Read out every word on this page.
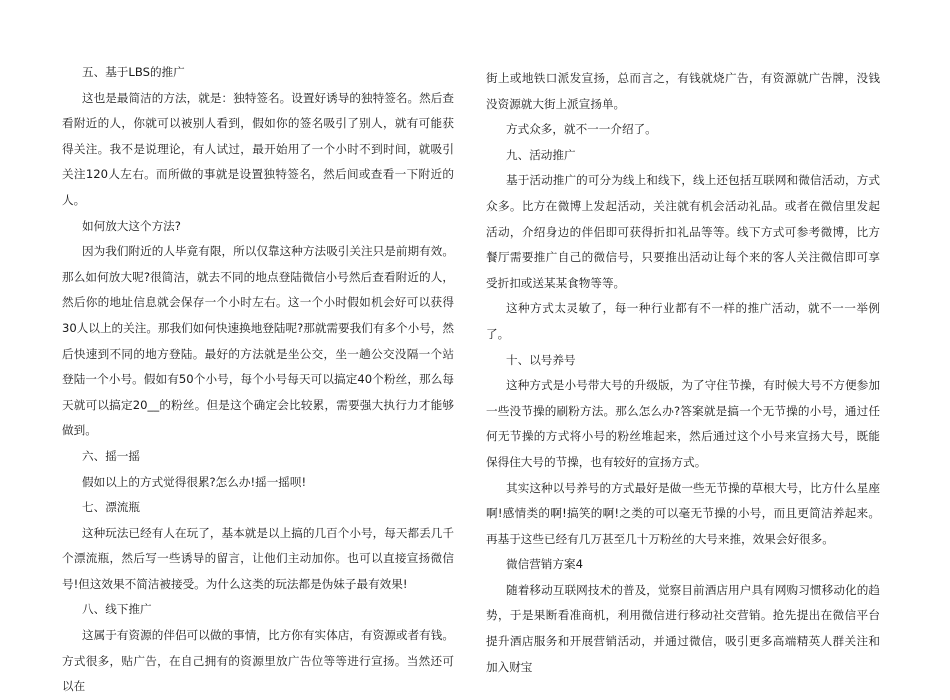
五、基于LBS的推广

这也是最简洁的方法，就是：独特签名。设置好诱导的独特签名。然后查看附近的人，你就可以被别人看到，假如你的签名吸引了别人，就有可能获得关注。我不是说理论，有人试过，最开始用了一个小时不到时间，就吸引关注120人左右。而所做的事就是设置独特签名，然后间或查看一下附近的人。

如何放大这个方法?

因为我们附近的人毕竟有限，所以仅靠这种方法吸引关注只是前期有效。那么如何放大呢?很简洁，就去不同的地点登陆微信小号然后查看附近的人，然后你的地址信息就会保存一个小时左右。这一个小时假如机会好可以获得30人以上的关注。那我们如何快速换地登陆呢?那就需要我们有多个小号，然后快速到不同的地方登陆。最好的方法就是坐公交，坐一趟公交没隔一个站登陆一个小号。假如有50个小号，每个小号每天可以搞定40个粉丝，那么每天就可以搞定20__的粉丝。但是这个确定会比较累，需要强大执行力才能够做到。

六、摇一摇

假如以上的方式觉得很累?怎么办!摇一摇呗!

七、漂流瓶

这种玩法已经有人在玩了，基本就是以上搞的几百个小号，每天都丢几千个漂流瓶，然后写一些诱导的留言，让他们主动加你。也可以直接宣扬微信号!但这效果不简洁被接受。为什么这类的玩法都是伪妹子最有效果!

八、线下推广

这属于有资源的伴侣可以做的事情，比方你有实体店，有资源或者有钱。方式很多，贴广告，在自己拥有的资源里放广告位等等进行宣扬。当然还可以在

街上或地铁口派发宣扬，总而言之，有钱就烧广告，有资源就广告牌，没钱没资源就大街上派宣扬单。

方式众多，就不一一介绍了。

九、活动推广

基于活动推广的可分为线上和线下，线上还包括互联网和微信活动，方式众多。比方在微博上发起活动，关注就有机会活动礼品。或者在微信里发起活动，介绍身边的伴侣即可获得折扣礼品等等。线下方式可参考微博，比方餐厅需要推广自己的微信号，只要推出活动让每个来的客人关注微信即可享受折扣或送某某食物等等。

这种方式太灵敏了，每一种行业都有不一样的推广活动，就不一一举例了。

十、以号养号

这种方式是小号带大号的升级版，为了守住节操，有时候大号不方便参加一些没节操的刷粉方法。那么怎么办?答案就是搞一个无节操的小号，通过任何无节操的方式将小号的粉丝堆起来，然后通过这个小号来宣扬大号，既能保得住大号的节操，也有较好的宣扬方式。

其实这种以号养号的方式最好是做一些无节操的草根大号，比方什么星座啊!感情类的啊!搞笑的啊!之类的可以毫无节操的小号，而且更简洁养起来。再基于这些已经有几万甚至几十万粉丝的大号来推，效果会好很多。

微信营销方案4

随着移动互联网技术的普及，觉察目前酒店用户具有网购习惯移动化的趋势，于是果断看准商机，利用微信进行移动社交营销。抢先提出在微信平台提升酒店服务和开展营销活动，并通过微信，吸引更多高端精英人群关注和加入财宝
